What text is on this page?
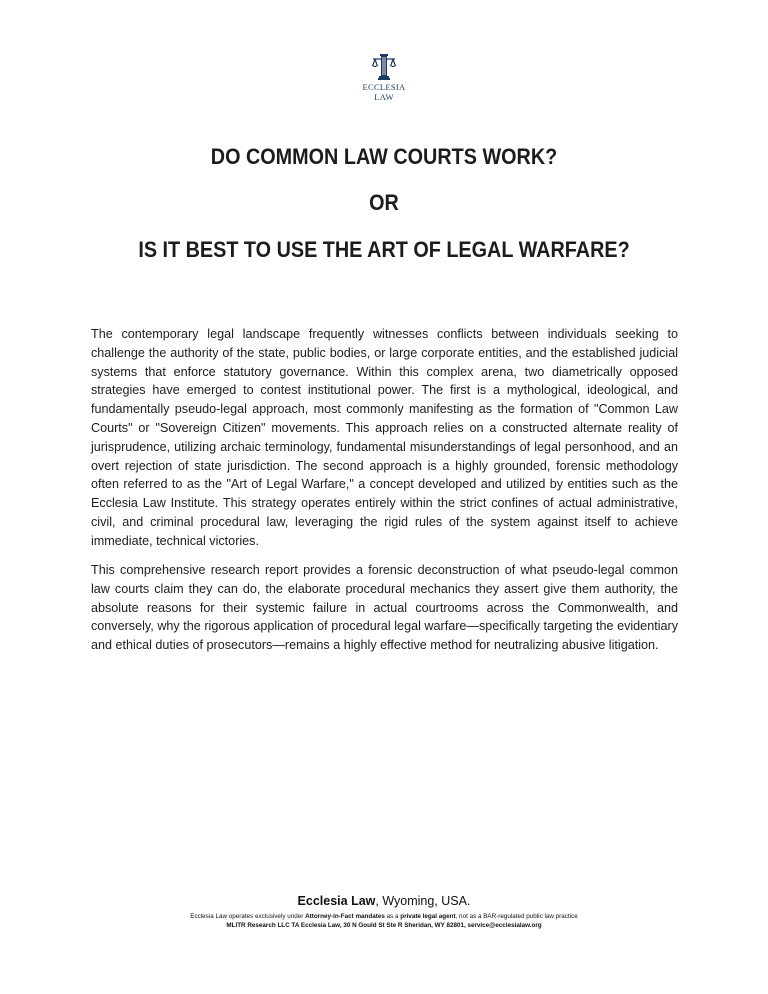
ECCLESIA
LAW
DO COMMON LAW COURTS WORK?
OR
IS IT BEST TO USE THE ART OF LEGAL WARFARE?

The contemporary legal landscape frequently witnesses conflicts between individuals seeking to challenge the authority of the state, public bodies, or large corporate entities, and the established judicial systems that enforce statutory governance. Within this complex arena, two diametrically opposed strategies have emerged to contest institutional power. The first is a mythological, ideological, and fundamentally pseudo-legal approach, most commonly manifesting as the formation of "Common Law Courts" or "Sovereign Citizen" movements. This approach relies on a constructed alternate reality of jurisprudence, utilizing archaic terminology, fundamental misunderstandings of legal personhood, and an overt rejection of state jurisdiction. The second approach is a highly grounded, forensic methodology often referred to as the "Art of Legal Warfare," a concept developed and utilized by entities such as the Ecclesia Law Institute. This strategy operates entirely within the strict confines of actual administrative, civil, and criminal procedural law, leveraging the rigid rules of the system against itself to achieve immediate, technical victories.

This comprehensive research report provides a forensic deconstruction of what pseudo-legal common law courts claim they can do, the elaborate procedural mechanics they assert give them authority, the absolute reasons for their systemic failure in actual courtrooms across the Commonwealth, and conversely, why the rigorous application of procedural legal warfare—specifically targeting the evidentiary and ethical duties of prosecutors—remains a highly effective method for neutralizing abusive litigation.

Ecclesia Law, Wyoming, USA.
Ecclesia Law operates exclusively under Attorney-in-Fact mandates as a private legal agent, not as a BAR-regulated public law practice
MLITR Research LLC TA Ecclesia Law, 30 N Gould St Ste R Sheridan, WY 82801, service@ecclesialaw.org
